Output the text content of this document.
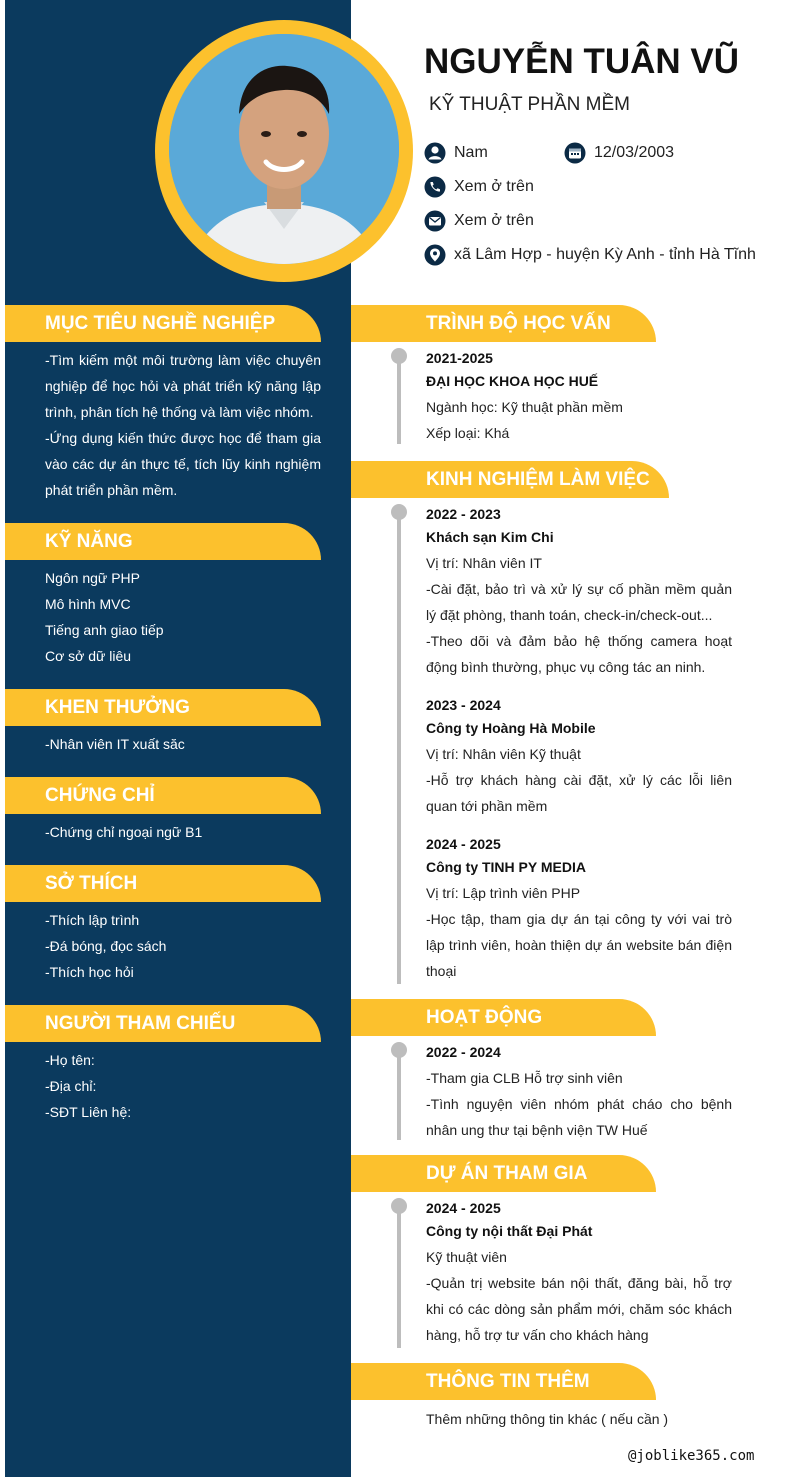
NGUYỄN TUÂN VŨ
KỸ THUẬT PHẦN MỀM
Nam	12/03/2003
Xem ở trên
Xem ở trên
xã Lâm Hợp - huyện Kỳ Anh - tỉnh Hà Tĩnh
MỤC TIÊU NGHỀ NGHIỆP
-Tìm kiếm một môi trường làm việc chuyên nghiệp để học hỏi và phát triển kỹ năng lập trình, phân tích hệ thống và làm việc nhóm.
-Ứng dụng kiến thức được học để tham gia vào các dự án thực tế, tích lũy kinh nghiệm phát triển phần mềm.
KỸ NĂNG
Ngôn ngữ PHP
Mô hình MVC
Tiếng anh giao tiếp
Cơ sở dữ liêu
KHEN THƯỞNG
-Nhân viên IT xuất săc
CHỨNG CHỈ
-Chứng chỉ ngoại ngữ B1
SỞ THÍCH
-Thích lập trình
-Đá bóng, đọc sách
-Thích học hỏi
NGƯỜI THAM CHIẾU
-Họ tên:
-Địa chỉ:
-SĐT Liên hệ:
TRÌNH ĐỘ HỌC VẤN
2021-2025
ĐẠI HỌC KHOA HỌC HUẾ
Ngành học: Kỹ thuật phần mềm
Xếp loại: Khá
KINH NGHIỆM LÀM VIỆC
2022 - 2023
Khách sạn Kim Chi
Vị trí: Nhân viên IT
-Cài đặt, bảo trì và xử lý sự cố phần mềm quản lý đặt phòng, thanh toán, check-in/check-out...
-Theo dõi và đảm bảo hệ thống camera hoạt động bình thường, phục vụ công tác an ninh.
2023 - 2024
Công ty Hoàng Hà Mobile
Vị trí: Nhân viên Kỹ thuật
-Hỗ trợ khách hàng cài đặt, xử lý các lỗi liên quan tới phần mềm
2024 - 2025
Công ty TINH PY MEDIA
Vị trí: Lập trình viên PHP
-Học tập, tham gia dự án tại công ty với vai trò lập trình viên, hoàn thiện dự án website bán điện thoại
HOẠT ĐỘNG
2022 - 2024
-Tham gia CLB Hỗ trợ sinh viên
-Tình nguyện viên nhóm phát cháo cho bệnh nhân ung thư tại bệnh viện TW Huế
DỰ ÁN THAM GIA
2024 - 2025
Công ty nội thất Đại Phát
Kỹ thuật viên
-Quản trị website bán nội thất, đăng bài, hỗ trợ khi có các dòng sản phẩm mới, chăm sóc khách hàng, hỗ trợ tư vấn cho khách hàng
THÔNG TIN THÊM
Thêm những thông tin khác ( nếu cần )
@joblike365.com
